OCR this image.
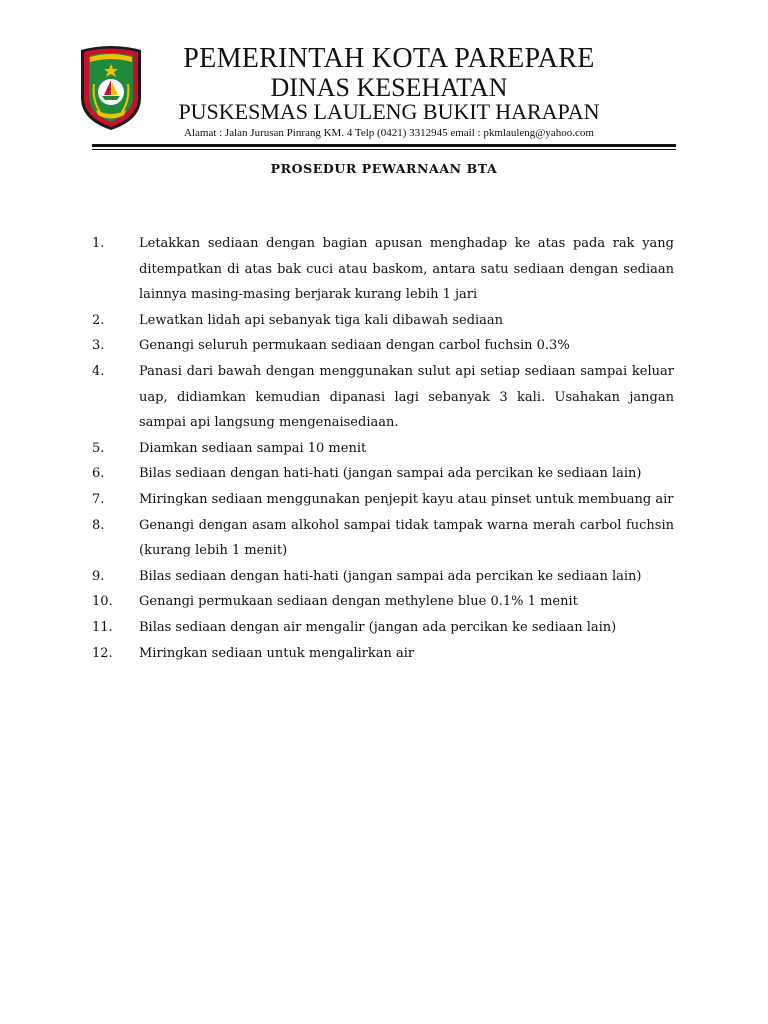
PEMERINTAH KOTA PAREPARE
DINAS KESEHATAN
PUSKESMAS LAULENG BUKIT HARAPAN
Alamat : Jalan Jurusan Pinrang KM. 4 Telp (0421) 3312945 email : pkmlauleng@yahoo.com
PROSEDUR PEWARNAAN BTA
1.	Letakkan sediaan dengan bagian apusan menghadap ke atas pada rak yang ditempatkan di atas bak cuci atau baskom, antara satu sediaan dengan sediaan lainnya masing-masing berjarak kurang lebih 1 jari
2.	Lewatkan lidah api sebanyak tiga kali dibawah sediaan
3.	Genangi seluruh permukaan sediaan dengan carbol fuchsin 0.3%
4.	Panasi dari bawah dengan menggunakan sulut api setiap sediaan sampai keluar uap, didiamkan kemudian dipanasi lagi sebanyak 3 kali. Usahakan jangan sampai api langsung mengenaisediaan.
5.	Diamkan sediaan sampai 10 menit
6.	Bilas sediaan dengan hati-hati (jangan sampai ada percikan ke sediaan lain)
7.	Miringkan sediaan menggunakan penjepit kayu atau pinset untuk membuang air
8.	Genangi dengan asam alkohol sampai tidak tampak warna merah carbol fuchsin (kurang lebih 1 menit)
9.	Bilas sediaan dengan hati-hati (jangan sampai ada percikan ke sediaan lain)
10.	Genangi permukaan sediaan dengan methylene blue 0.1% 1 menit
11.	Bilas sediaan dengan air mengalir (jangan ada percikan ke sediaan lain)
12.	Miringkan sediaan untuk mengalirkan air
